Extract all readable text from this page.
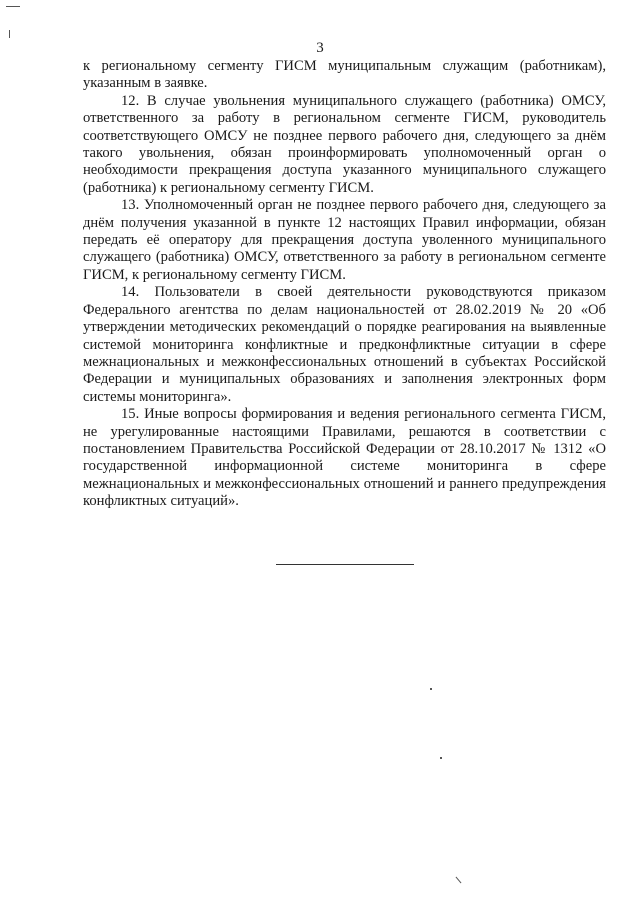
3

к региональному сегменту ГИСМ муниципальным служащим (работникам), указанным в заявке.

12. В случае увольнения муниципального служащего (работника) ОМСУ, ответственного за работу в региональном сегменте ГИСМ, руководитель соответствующего ОМСУ не позднее первого рабочего дня, следующего за днём такого увольнения, обязан проинформировать уполномоченный орган о необходимости прекращения доступа указанного муниципального служащего (работника) к региональному сегменту ГИСМ.

13. Уполномоченный орган не позднее первого рабочего дня, следующего за днём получения указанной в пункте 12 настоящих Правил информации, обязан передать её оператору для прекращения доступа уволенного муниципального служащего (работника) ОМСУ, ответственного за работу в региональном сегменте ГИСМ, к региональному сегменту ГИСМ.

14. Пользователи в своей деятельности руководствуются приказом Федерального агентства по делам национальностей от 28.02.2019 № 20 «Об утверждении методических рекомендаций о порядке реагирования на выявленные системой мониторинга конфликтные и предконфликтные ситуации в сфере межнациональных и межконфессиональных отношений в субъектах Российской Федерации и муниципальных образованиях и заполнения электронных форм системы мониторинга».

15. Иные вопросы формирования и ведения регионального сегмента ГИСМ, не урегулированные настоящими Правилами, решаются в соответствии с постановлением Правительства Российской Федерации от 28.10.2017 № 1312 «О государственной информационной системе мониторинга в сфере межнациональных и межконфессиональных отношений и раннего предупреждения конфликтных ситуаций».
